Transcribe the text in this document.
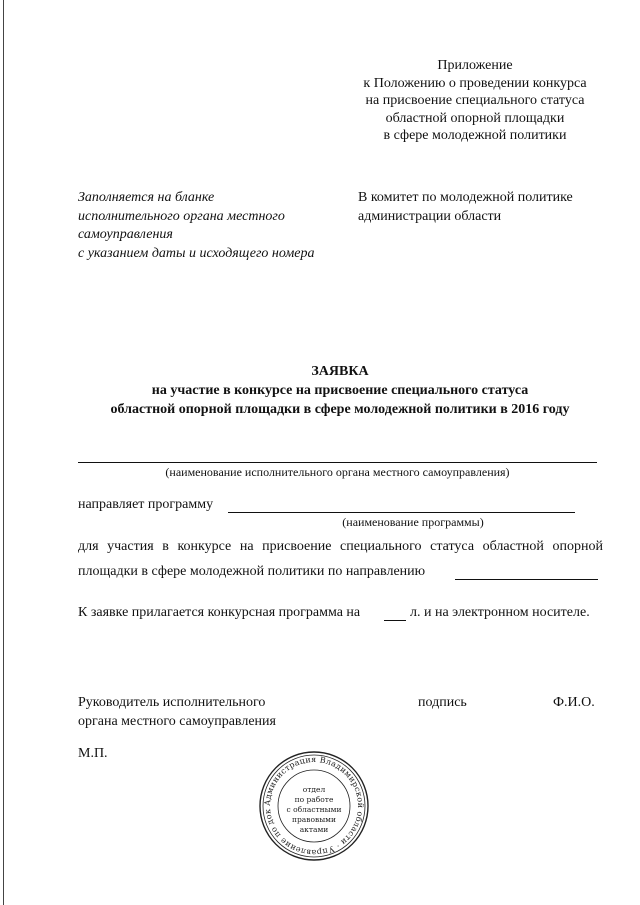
Приложение
к Положению о проведении конкурса
на присвоение специального статуса
областной опорной площадки
в сфере молодежной политики
Заполняется на бланке
исполнительного органа местного
самоуправления
с указанием даты и исходящего номера
В комитет по молодежной политике
администрации области
ЗАЯВКА
на участие в конкурсе на присвоение специального статуса
областной опорной площадки в сфере молодежной политики в 2016 году
(наименование исполнительного органа местного самоуправления)
направляет программу
(наименование программы)
для участия в конкурсе на присвоение специального статуса областной опорной
площадки в сфере молодежной политики по направлению
К заявке прилагается конкурсная программа на	л. и на электронном носителе.
Руководитель исполнительного
органа местного самоуправления
подпись	Ф.И.О.
М.П.
Администрация Владимирской области · Управление по док
отдел
по работе
с областными
правовыми
актами
